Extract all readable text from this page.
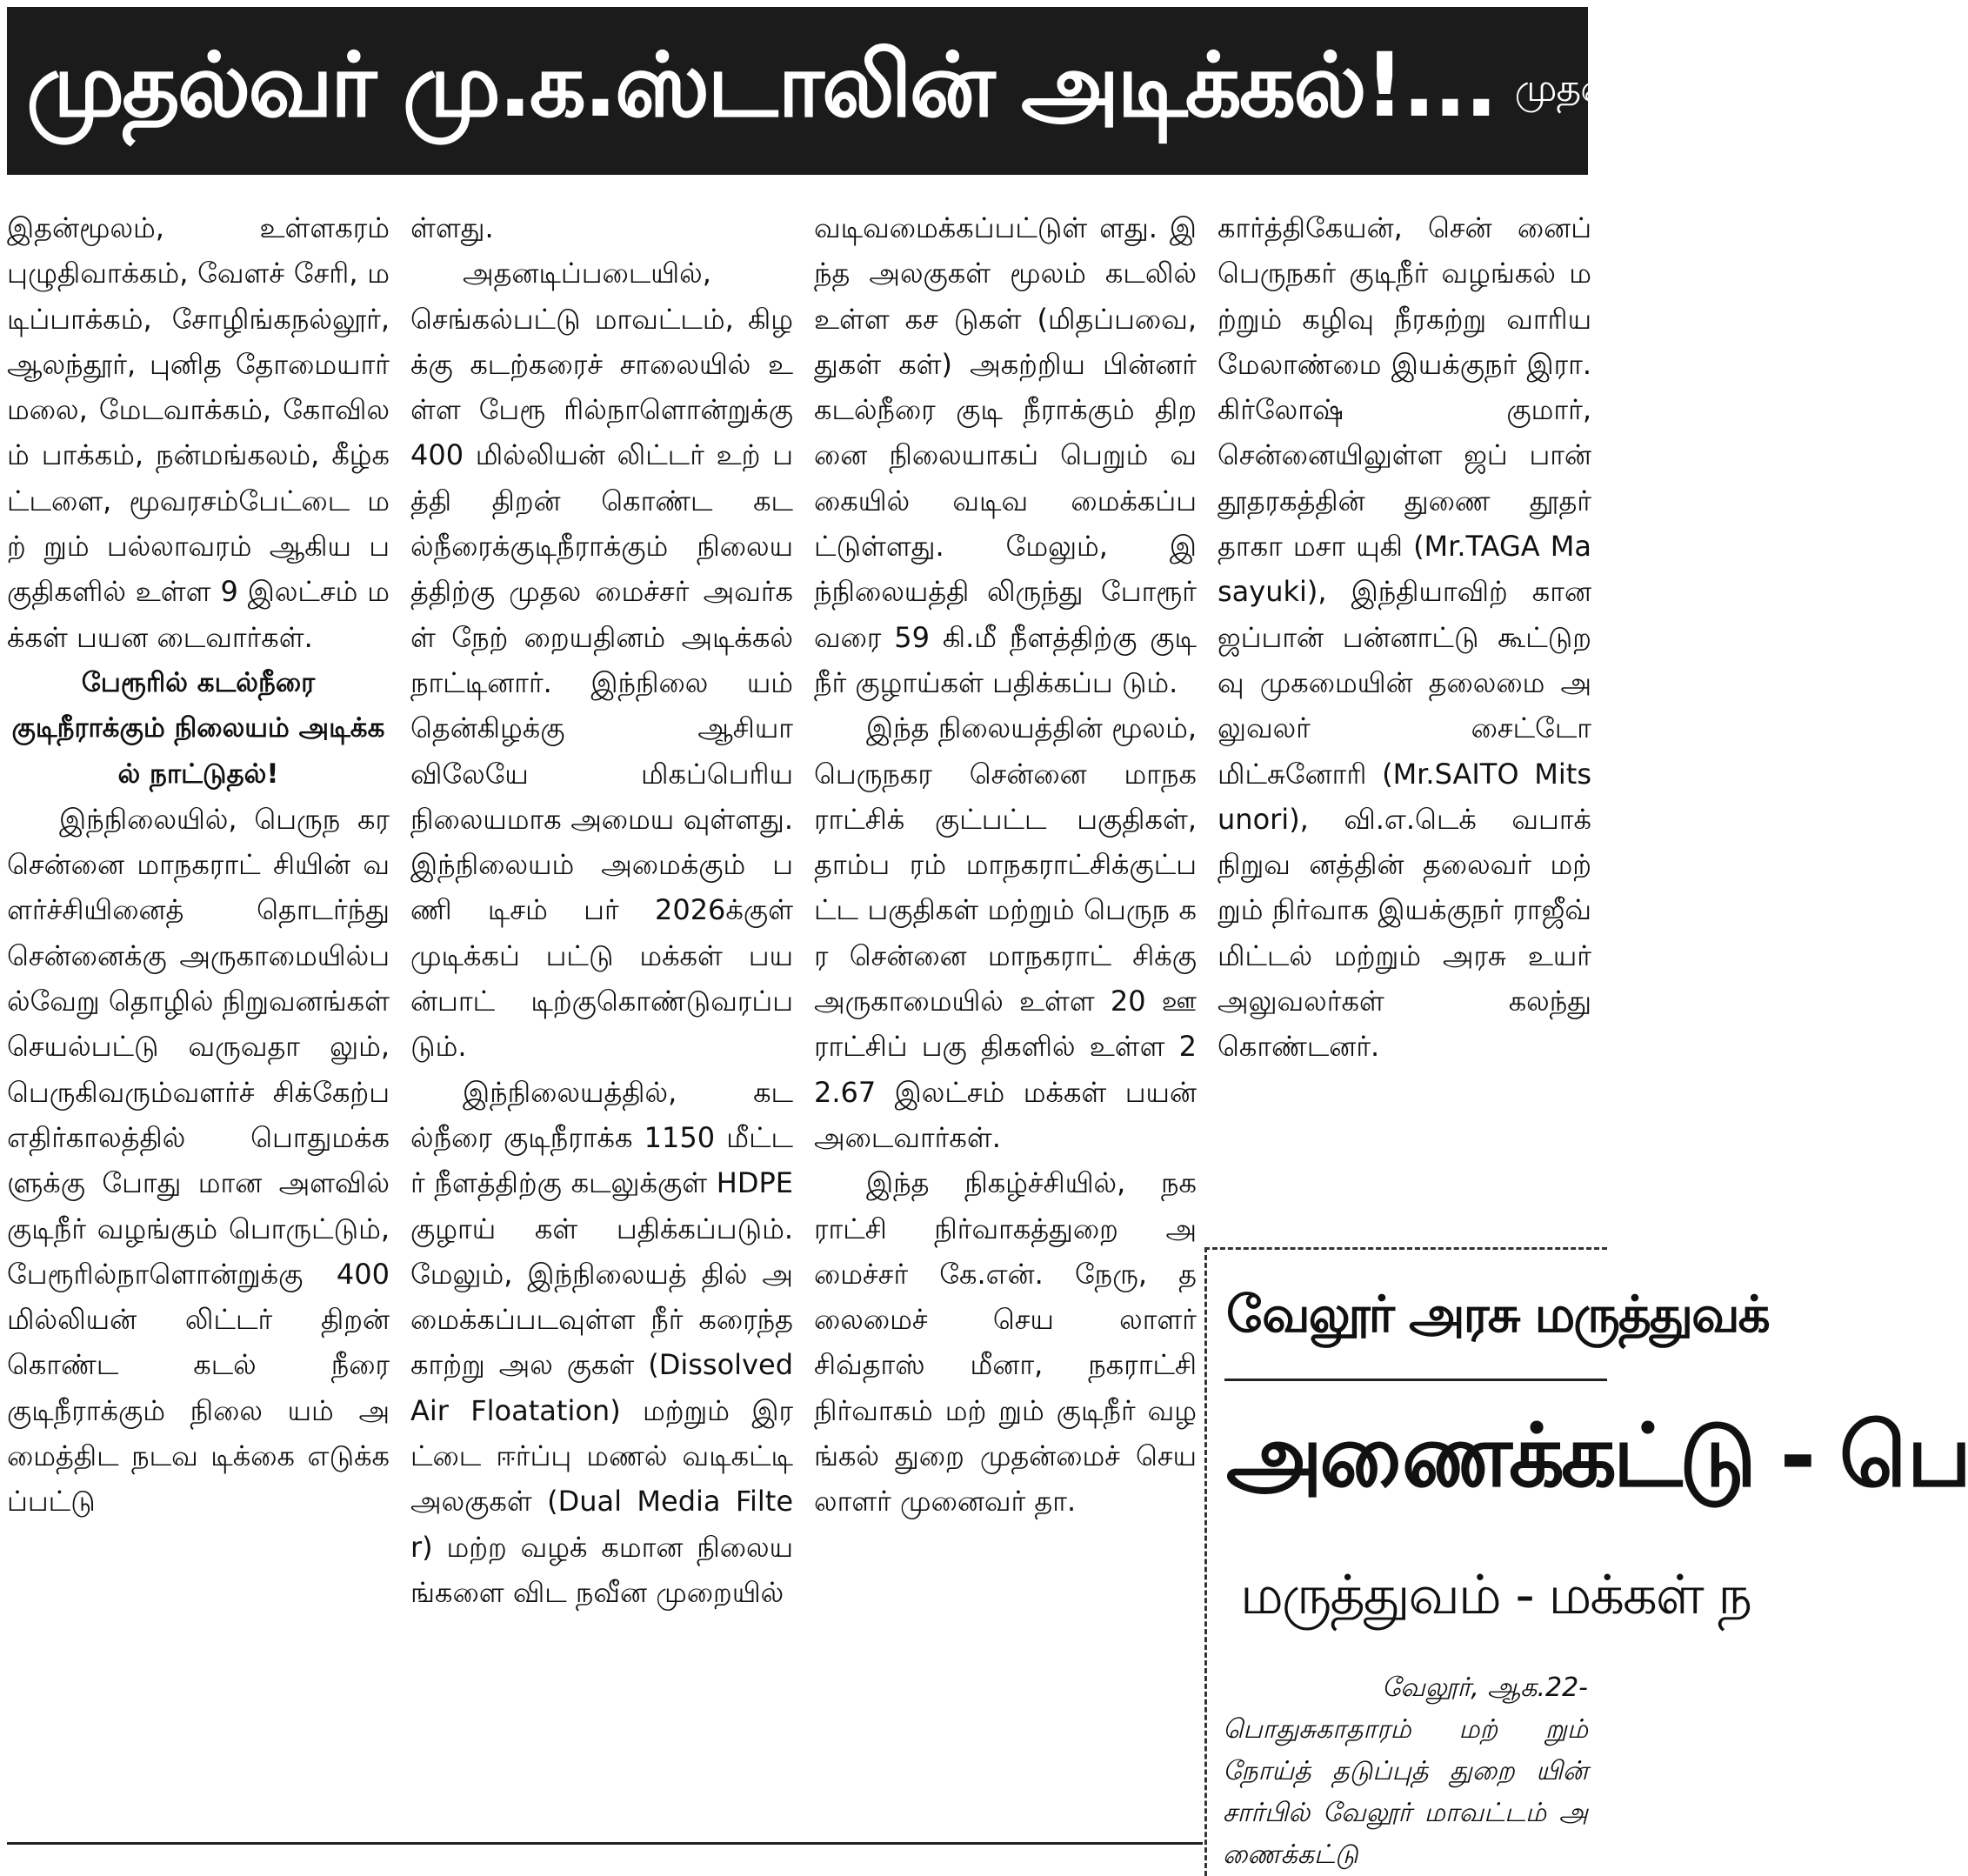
முதல்வர் மு.க.ஸ்டாலின் அடிக்கல்!... முதல் பக்கத் தொடர்ச்சி

இதன்மூலம், உள்ளகரம் புழுதிவாக்கம், வேளச் சேரி, மடிப்பாக்கம், சோழிங்கநல்லூர், ஆலந்தூர், புனித தோமையார் மலை, மேடவாக்கம், கோவிலம் பாக்கம், நன்மங்கலம், கீழ்கட்டளை, மூவரசம்பேட்டை மற் றும் பல்லாவரம் ஆகிய பகுதிகளில் உள்ள 9 இலட்சம் மக்கள் பயன டைவார்கள்.

பேரூரில் கடல்நீரை குடிநீராக்கும் நிலையம் அடிக்கல் நாட்டுதல்!

இந்நிலையில், பெருந கர சென்னை மாநகராட் சியின் வளர்ச்சியினைத் தொடர்ந்து சென்னைக்கு அருகாமையில்பல்வேறு தொழில் நிறுவனங்கள் செயல்பட்டு வருவதா லும், பெருகிவரும்வளர்ச் சிக்கேற்ப எதிர்காலத்தில் பொதுமக்களுக்கு போது மான அளவில் குடிநீர் வழங்கும் பொருட்டும், பேரூரில்நாளொன்றுக்கு 400 மில்லியன் லிட்டர் திறன் கொண்ட கடல் நீரை குடிநீராக்கும் நிலை யம் அமைத்திட நடவ டிக்கை எடுக்கப்பட்டு

ள்ளது.

அதனடிப்படையில், செங்கல்பட்டு மாவட்டம், கிழக்கு கடற்கரைச் சாலையில் உள்ள பேரூ ரில்நாளொன்றுக்கு 400 மில்லியன் லிட்டர் உற் பத்தி திறன் கொண்ட கடல்நீரைக்குடிநீராக்கும் நிலையத்திற்கு முதல மைச்சர் அவர்கள் நேற் றையதினம் அடிக்கல் நாட்டினார். இந்நிலை யம் தென்கிழக்கு ஆசியா விலேயே மிகப்பெரிய நிலையமாக அமைய வுள்ளது. இந்நிலையம் அமைக்கும் பணி டிசம் பர் 2026க்குள் முடிக்கப் பட்டு மக்கள் பயன்பாட் டிற்குகொண்டுவரப்படும்.

இந்நிலையத்தில், கடல்நீரை குடிநீராக்க 1150 மீட்டர் நீளத்திற்கு கடலுக்குள் HDPE குழாய் கள் பதிக்கப்படும். மேலும், இந்நிலையத் தில் அமைக்கப்படவுள்ள நீர் கரைந்த காற்று அல குகள் (Dissolved Air Floatation) மற்றும் இரட்டை ஈர்ப்பு மணல் வடிகட்டி அலகுகள் (Dual Media Filter) மற்ற வழக் கமான நிலையங்களை விட நவீன முறையில்

வடிவமைக்கப்பட்டுள் ளது. இந்த அலகுகள் மூலம் கடலில் உள்ள கச டுகள் (மிதப்பவை, துகள் கள்) அகற்றிய பின்னர் கடல்நீரை குடி நீராக்கும் திறனை நிலையாகப் பெறும் வகையில் வடிவ மைக்கப்பட்டுள்ளது. மேலும், இந்நிலையத்தி லிருந்து போரூர் வரை 59 கி.மீ நீளத்திற்கு குடி நீர் குழாய்கள் பதிக்கப்ப டும்.

இந்த நிலையத்தின் மூலம், பெருநகர சென்னை மாநகராட்சிக் குட்பட்ட பகுதிகள், தாம்ப ரம் மாநகராட்சிக்குட்பட்ட பகுதிகள் மற்றும் பெருந கர சென்னை மாநகராட் சிக்கு அருகாமையில் உள்ள 20 ஊராட்சிப் பகு திகளில் உள்ள 22.67 இலட்சம் மக்கள் பயன் அடைவார்கள்.

இந்த நிகழ்ச்சியில், நகராட்சி நிர்வாகத்துறை அமைச்சர் கே.என். நேரு, தலைமைச் செய லாளர் சிவ்தாஸ் மீனா, நகராட்சி நிர்வாகம் மற் றும் குடிநீர் வழங்கல் துறை முதன்மைச் செய லாளர் முனைவர் தா.

கார்த்திகேயன், சென் னைப் பெருநகர் குடிநீர் வழங்கல் மற்றும் கழிவு நீரகற்று வாரிய மேலாண்மை இயக்குநர் இரா.கிர்லோஷ் குமார், சென்னையிலுள்ள ஜப் பான் தூதரகத்தின் துணை தூதர் தாகா மசா யுகி (Mr.TAGA Masayuki), இந்தியாவிற் கான ஜப்பான் பன்னாட்டு கூட்டுறவு முகமையின் தலைமை அலுவலர் சைட்டோ மிட்சுனோரி (Mr.SAITO Mitsunori), வி.எ.டெக் வபாக் நிறுவ னத்தின் தலைவர் மற் றும் நிர்வாக இயக்குநர் ராஜீவ் மிட்டல் மற்றும் அரசு உயர் அலுவலர்கள் கலந்து கொண்டனர்.

வேலூர் அரசு மருத்துவக்
அணைக்கட்டு - பெ
மருத்துவம் - மக்கள் ந
வேலூர், ஆக.22-
பொதுசுகாதாரம் மற் றும் நோய்த் தடுப்புத் துறை யின் சார்பில் வேலூர் மாவட்டம் அணைக்கட்டு
